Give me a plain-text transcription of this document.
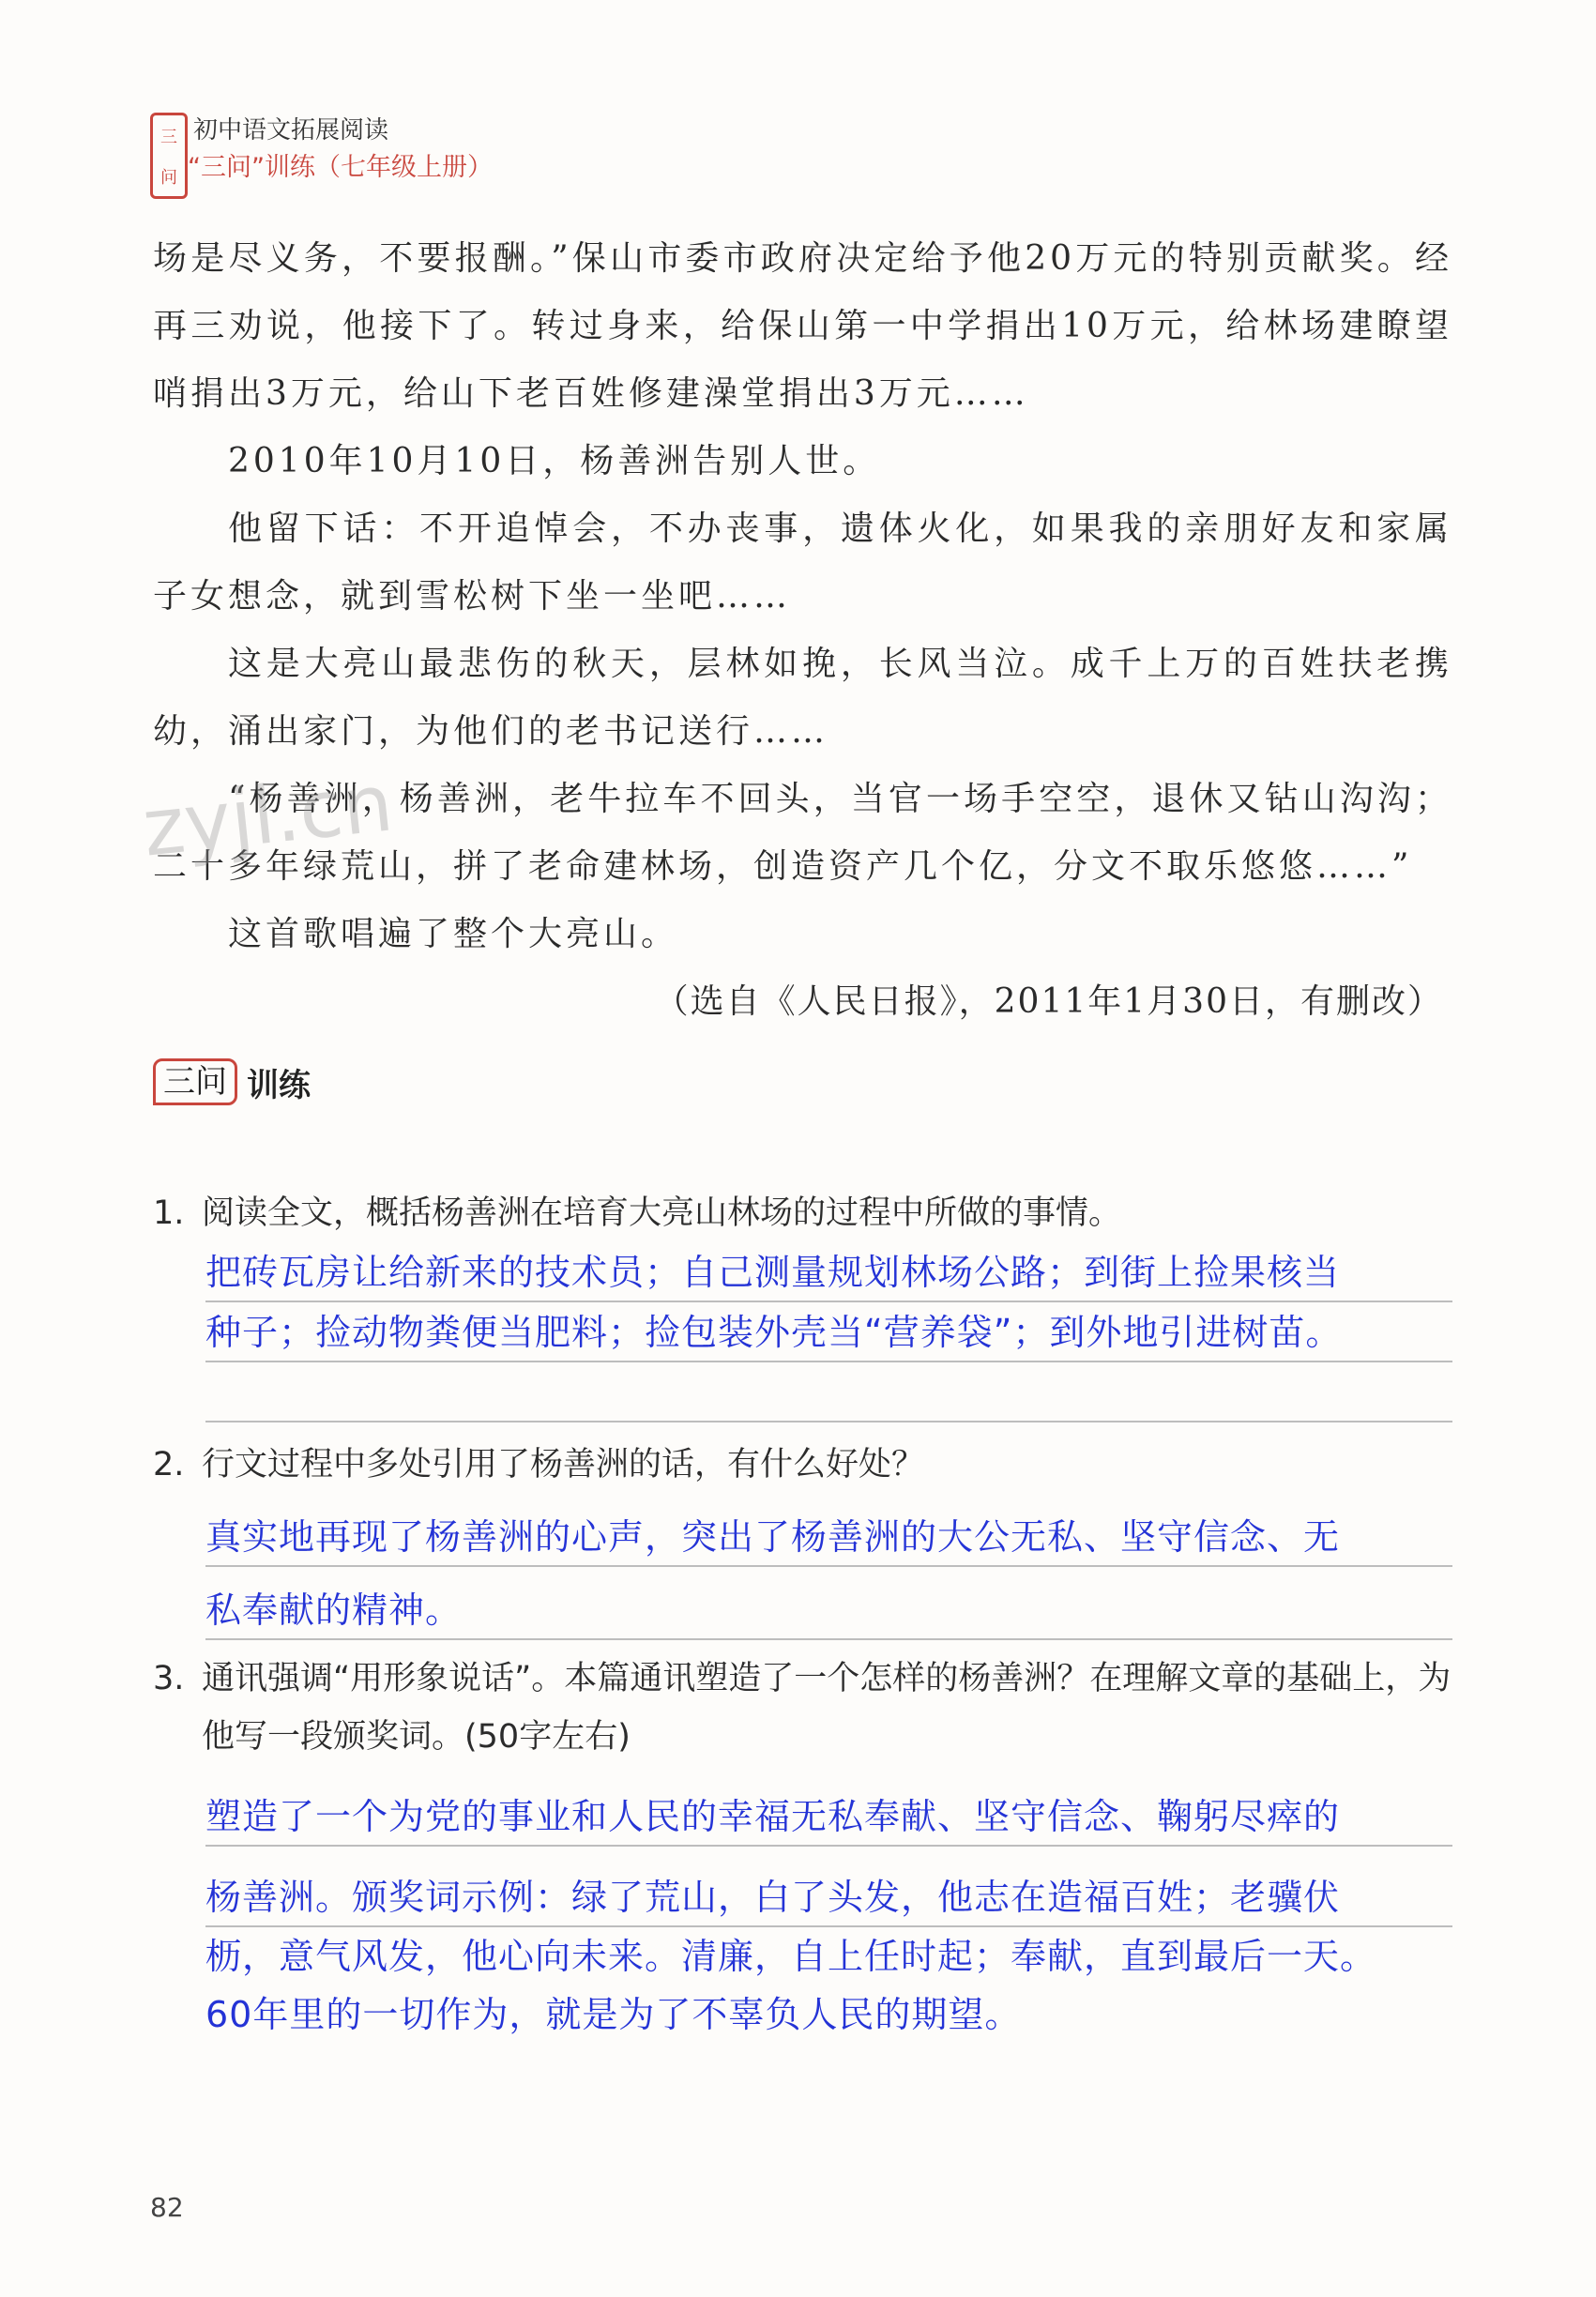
三
问
初中语文拓展阅读
“三问”训练（七年级上册）

场是尽义务，不要报酬。”保山市委市政府决定给予他20万元的特别贡献奖。经再三劝说，他接下了。转过身来，给保山第一中学捐出10万元，给林场建瞭望哨捐出3万元，给山下老百姓修建澡堂捐出3万元……

2010年10月10日，杨善洲告别人世。

他留下话：不开追悼会，不办丧事，遗体火化，如果我的亲朋好友和家属子女想念，就到雪松树下坐一坐吧……

这是大亮山最悲伤的秋天，层林如挽，长风当泣。成千上万的百姓扶老携幼，涌出家门，为他们的老书记送行……

“杨善洲，杨善洲，老牛拉车不回头，当官一场手空空，退休又钻山沟沟；二十多年绿荒山，拼了老命建林场，创造资产几个亿，分文不取乐悠悠……”

这首歌唱遍了整个大亮山。

（选自《人民日报》，2011年1月30日，有删改）

zyjl.cn
三问 训练
1. 阅读全文，概括杨善洲在培育大亮山林场的过程中所做的事情。

把砖瓦房让给新来的技术员；自己测量规划林场公路；到街上捡果核当
种子；捡动物粪便当肥料；捡包装外壳当“营养袋”；到外地引进树苗。
2. 行文过程中多处引用了杨善洲的话，有什么好处？

真实地再现了杨善洲的心声，突出了杨善洲的大公无私、坚守信念、无
私奉献的精神。
3. 通讯强调“用形象说话”。本篇通讯塑造了一个怎样的杨善洲？在理解文章的基础上，为他写一段颁奖词。(50字左右)

塑造了一个为党的事业和人民的幸福无私奉献、坚守信念、鞠躬尽瘁的
杨善洲。颁奖词示例：绿了荒山，白了头发，他志在造福百姓；老骥伏
枥，意气风发，他心向未来。清廉，自上任时起；奉献，直到最后一天。
60年里的一切作为，就是为了不辜负人民的期望。
82
